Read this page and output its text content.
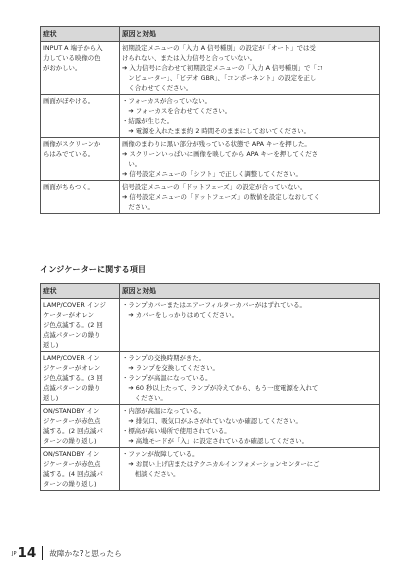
症状	原因と対処

INPUT A 端子から入
力している映像の色
がおかしい。	初期設定メニューの「入力 A 信号種別」の設定が「オート」では受
けられない、または入力信号と合っていない。
➔ 入力信号に合わせて初期設定メニューの「入力 A 信号種別」で「コ
　ンピューター」、「ビデオ GBR」、「コンポーネント」の設定を正し
　く合わせてください。

画面がぼやける。	・フォーカスが合っていない。
　➔ フォーカスを合わせてください。
・結露が生じた。
　➔ 電源を入れたまま約 2 時間そのままにしておいてください。

画像がスクリーンか
らはみでている。	画像のまわりに黒い部分が残っている状態で APA キーを押した。
➔ スクリーンいっぱいに画像を映してから APA キーを押してくださ
　い。
➔ 信号設定メニューの「シフト」で正しく調整してください。

画面がちらつく。	信号設定メニューの「ドットフェーズ」の設定が合っていない。
➔ 信号設定メニューの「ドットフェーズ」の数値を設定しなおしてく
　ださい。
インジケーターに関する項目
症状	原因と対処

LAMP/COVER インジ
ケーターがオレン
ジ色点滅する。(2 回
点滅パターンの繰り
返し)	・ランプカバーまたはエアーフィルターカバーがはずれている。
　➔ カバーをしっかりはめてください。

LAMP/COVER イン
ジケーターがオレン
ジ色点滅する。(3 回
点滅パターンの繰り
返し)	・ランプの交換時期がきた。
　➔ ランプを交換してください。
・ランプが高温になっている。
　➔ 60 秒以上たって、ランプが冷えてから、もう一度電源を入れて
　　ください。

ON/STANDBY イン
ジケーターが赤色点
滅する。(2 回点滅パ
ターンの繰り返し)	・内部が高温になっている。
　➔ 排気口、吸気口がふさがれていないか確認してください。
・標高が高い場所で使用されている。
　➔ 高地モードが「入」に設定されているか確認してください。

ON/STANDBY イン
ジケーターが赤色点
滅する。(4 回点滅パ
ターンの繰り返し)	・ファンが故障している。
　➔ お買い上げ店またはテクニカルインフォメーションセンターにご
　　相談ください。
JP 14 故障かな?と思ったら
